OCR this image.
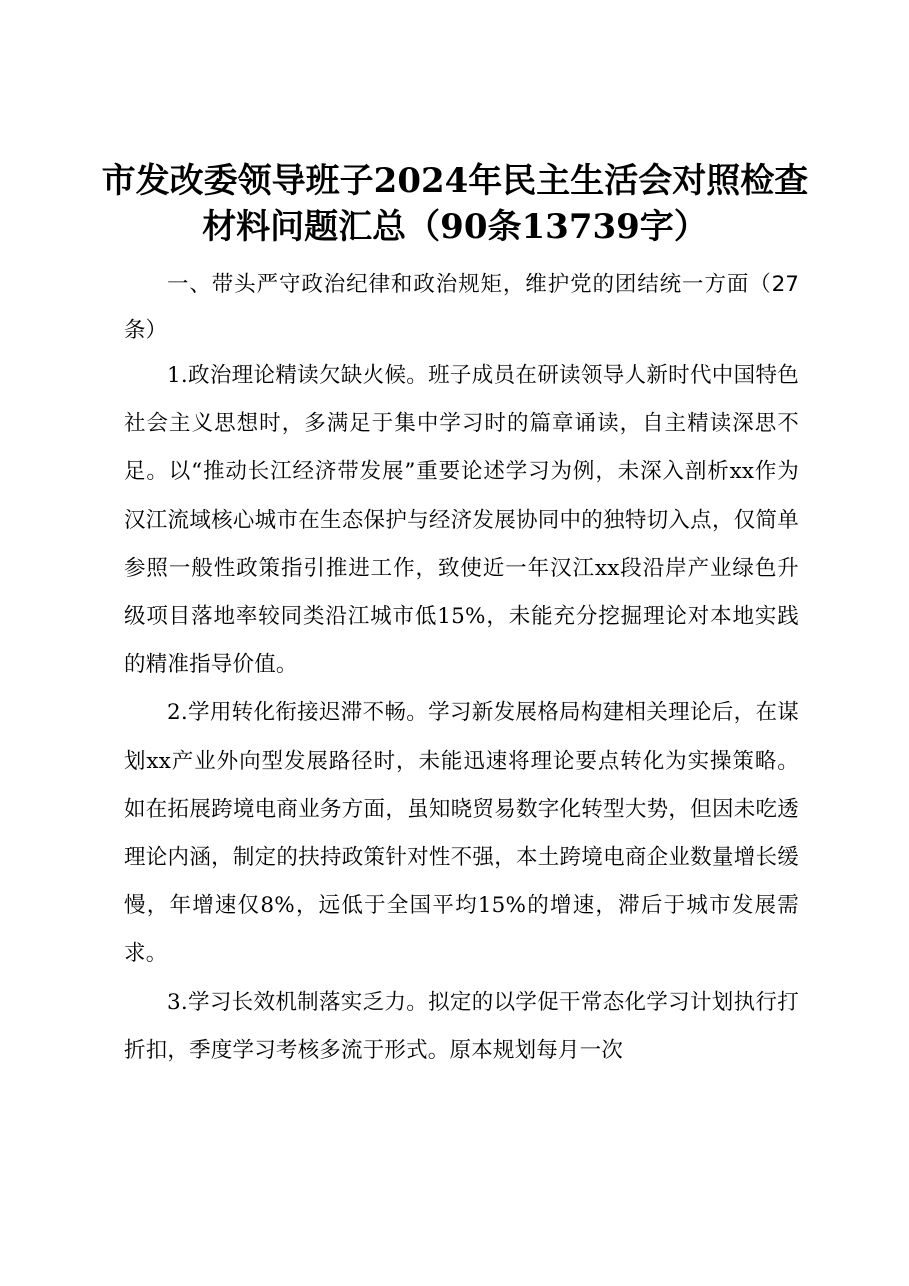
市发改委领导班子2024年民主生活会对照检查材料问题汇总（90条13739字）

一、带头严守政治纪律和政治规矩，维护党的团结统一方面（27条）

1.政治理论精读欠缺火候。班子成员在研读领导人新时代中国特色社会主义思想时，多满足于集中学习时的篇章诵读，自主精读深思不足。以“推动长江经济带发展”重要论述学习为例，未深入剖析xx作为汉江流域核心城市在生态保护与经济发展协同中的独特切入点，仅简单参照一般性政策指引推进工作，致使近一年汉江xx段沿岸产业绿色升级项目落地率较同类沿江城市低15%，未能充分挖掘理论对本地实践的精准指导价值。

2.学用转化衔接迟滞不畅。学习新发展格局构建相关理论后，在谋划xx产业外向型发展路径时，未能迅速将理论要点转化为实操策略。如在拓展跨境电商业务方面，虽知晓贸易数字化转型大势，但因未吃透理论内涵，制定的扶持政策针对性不强，本土跨境电商企业数量增长缓慢，年增速仅8%，远低于全国平均15%的增速，滞后于城市发展需求。

3.学习长效机制落实乏力。拟定的以学促干常态化学习计划执行打折扣，季度学习考核多流于形式。原本规划每月一次
